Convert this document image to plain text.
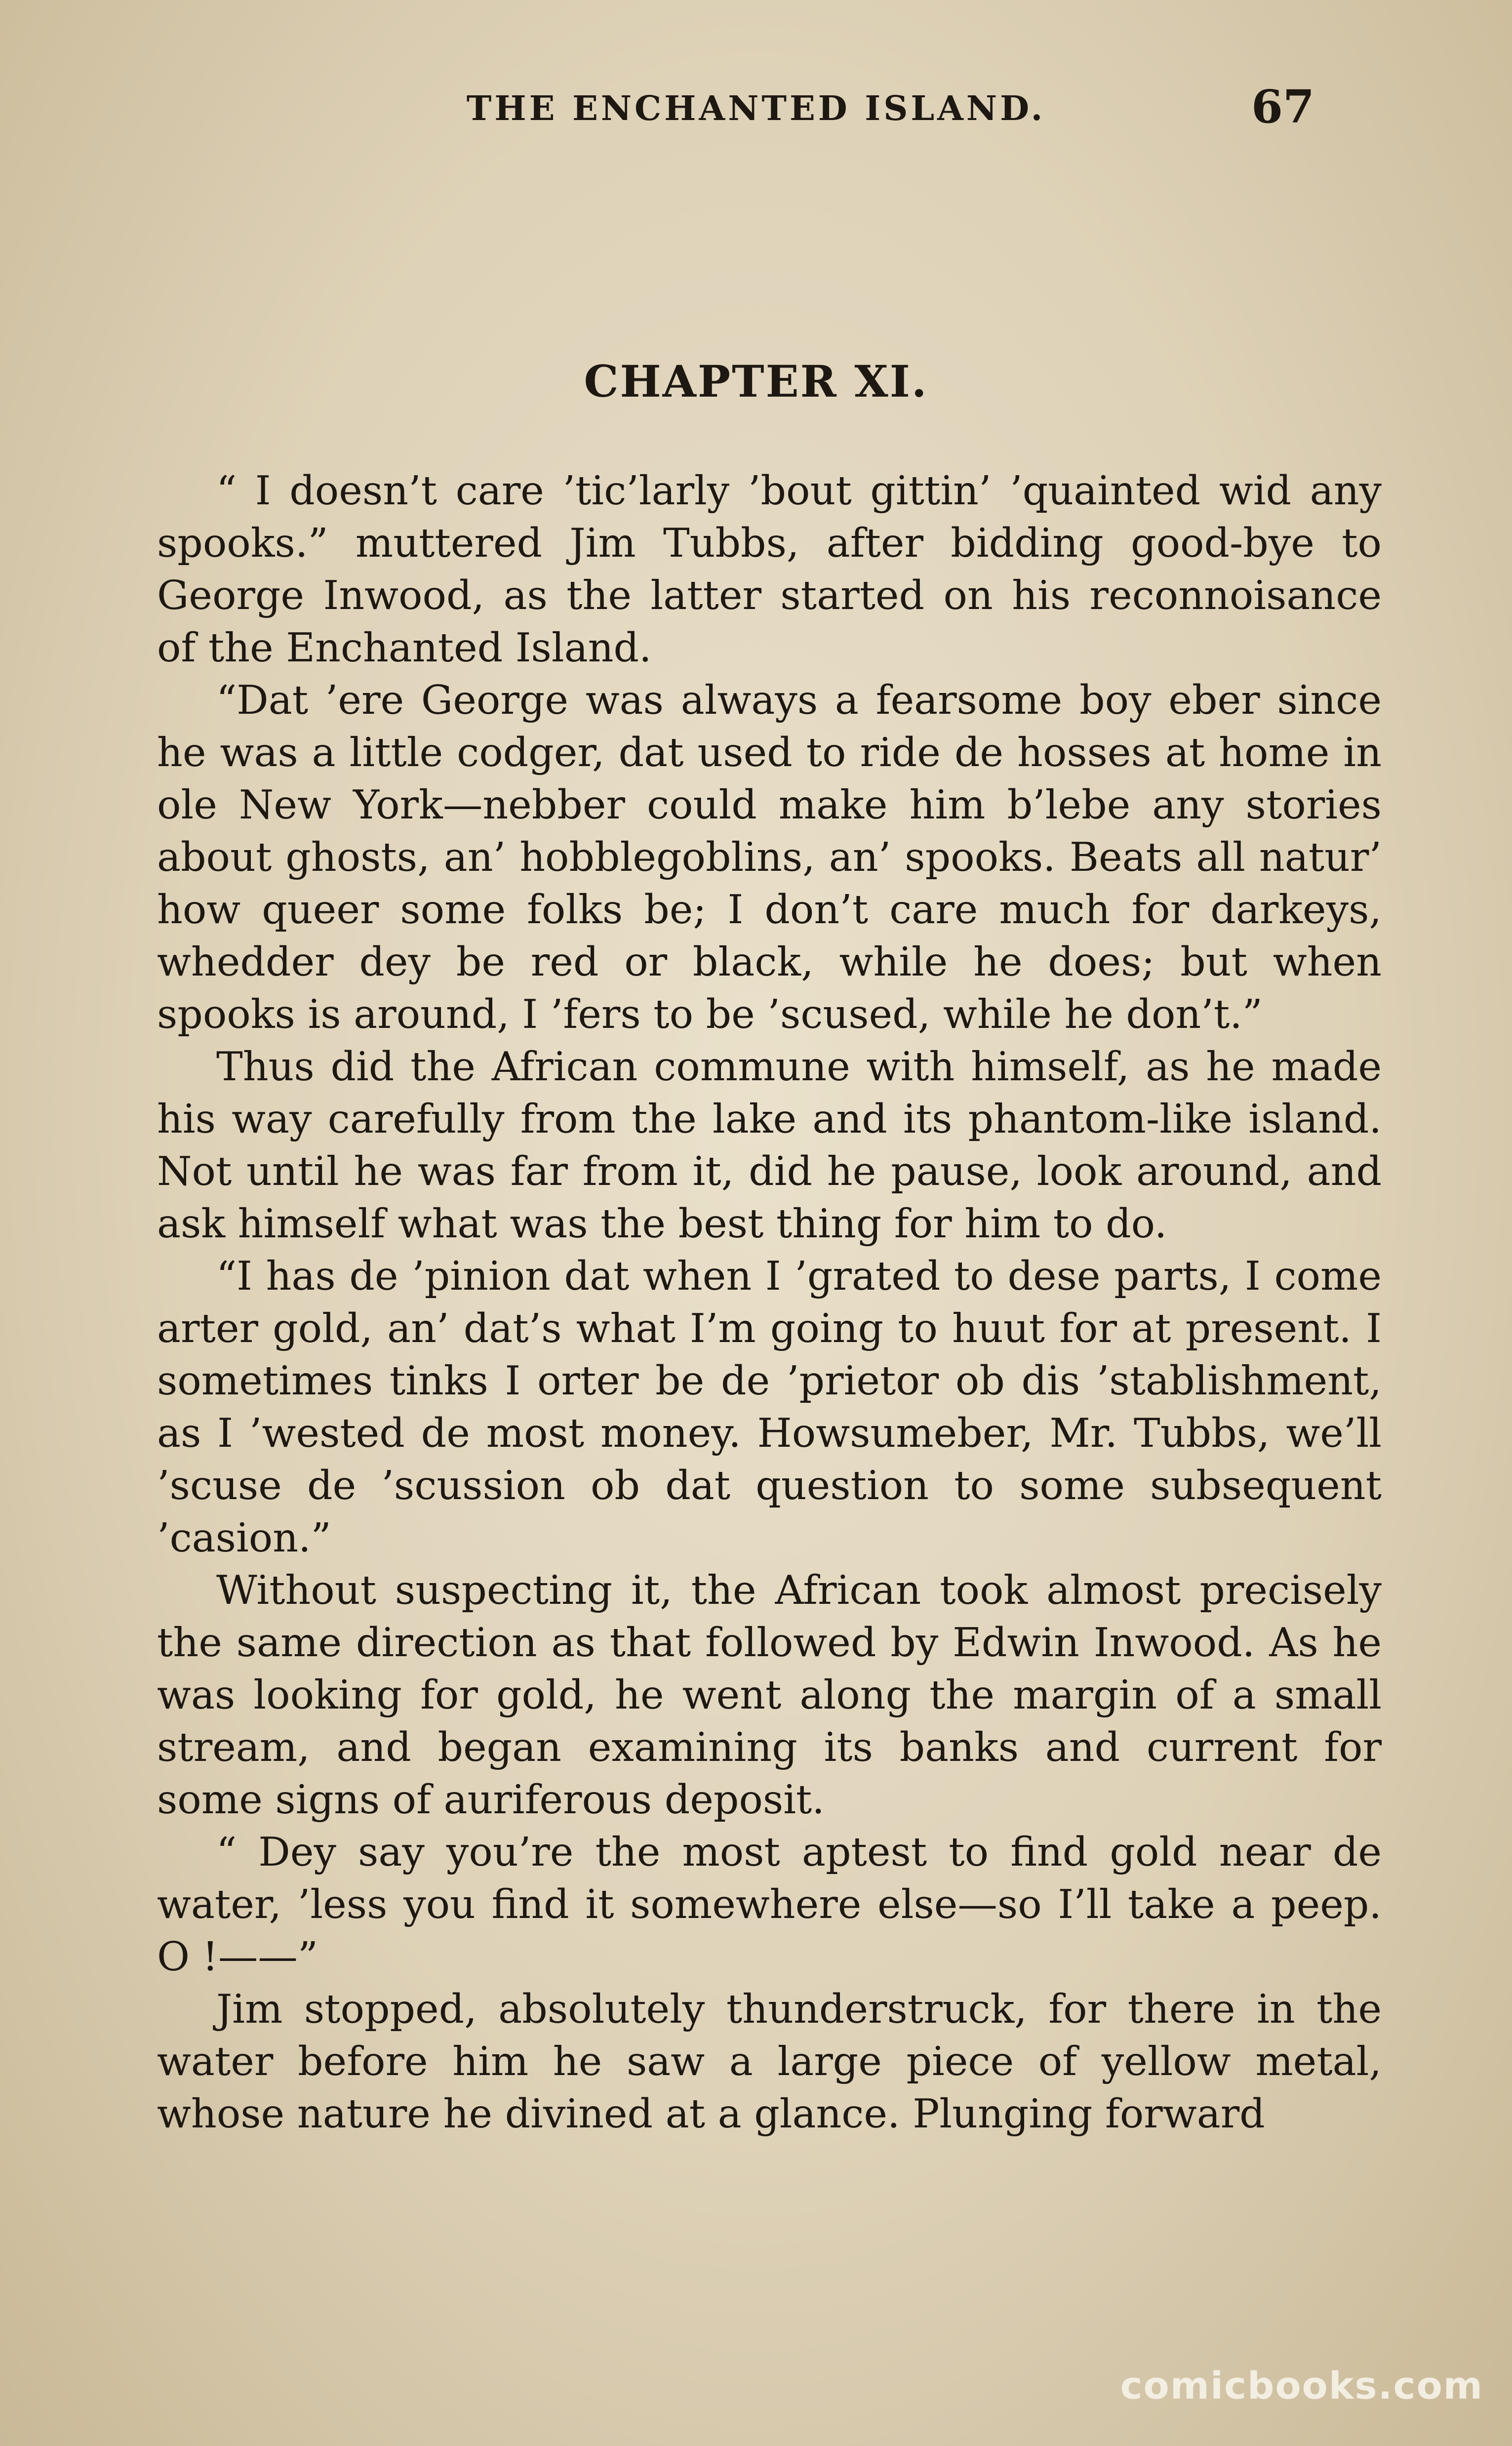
THE ENCHANTED ISLAND.	67
CHAPTER XI.

“ I doesn’t care ’tic’larly ’bout gittin’ ’quainted wid any spooks.” muttered Jim Tubbs, after bidding good-bye to George Inwood, as the latter started on his reconnoisance of the Enchanted Island.

“Dat ’ere George was always a fearsome boy eber since he was a little codger, dat used to ride de hosses at home in ole New York—nebber could make him b’lebe any stories about ghosts, an’ hobblegoblins, an’ spooks. Beats all natur’ how queer some folks be; I don’t care much for darkeys, whedder dey be red or black, while he does; but when spooks is around, I ’fers to be ’scused, while he don’t.”

Thus did the African commune with himself, as he made his way carefully from the lake and its phantom-like island. Not until he was far from it, did he pause, look around, and ask himself what was the best thing for him to do.

“I has de ’pinion dat when I ’grated to dese parts, I come arter gold, an’ dat’s what I’m going to huut for at present. I sometimes tinks I orter be de ’prietor ob dis ’stablishment, as I ’wested de most money. Howsumeber, Mr. Tubbs, we’ll ’scuse de ’scussion ob dat question to some subsequent ’casion.”

Without suspecting it, the African took almost precisely the same direction as that followed by Edwin Inwood. As he was looking for gold, he went along the margin of a small stream, and began examining its banks and current for some signs of auriferous deposit.

“ Dey say you’re the most aptest to find gold near de water, ’less you find it somewhere else—so I’ll take a peep. O !——”

Jim stopped, absolutely thunderstruck, for there in the water before him he saw a large piece of yellow metal, whose nature he divined at a glance. Plunging forward

comicbooks.com
